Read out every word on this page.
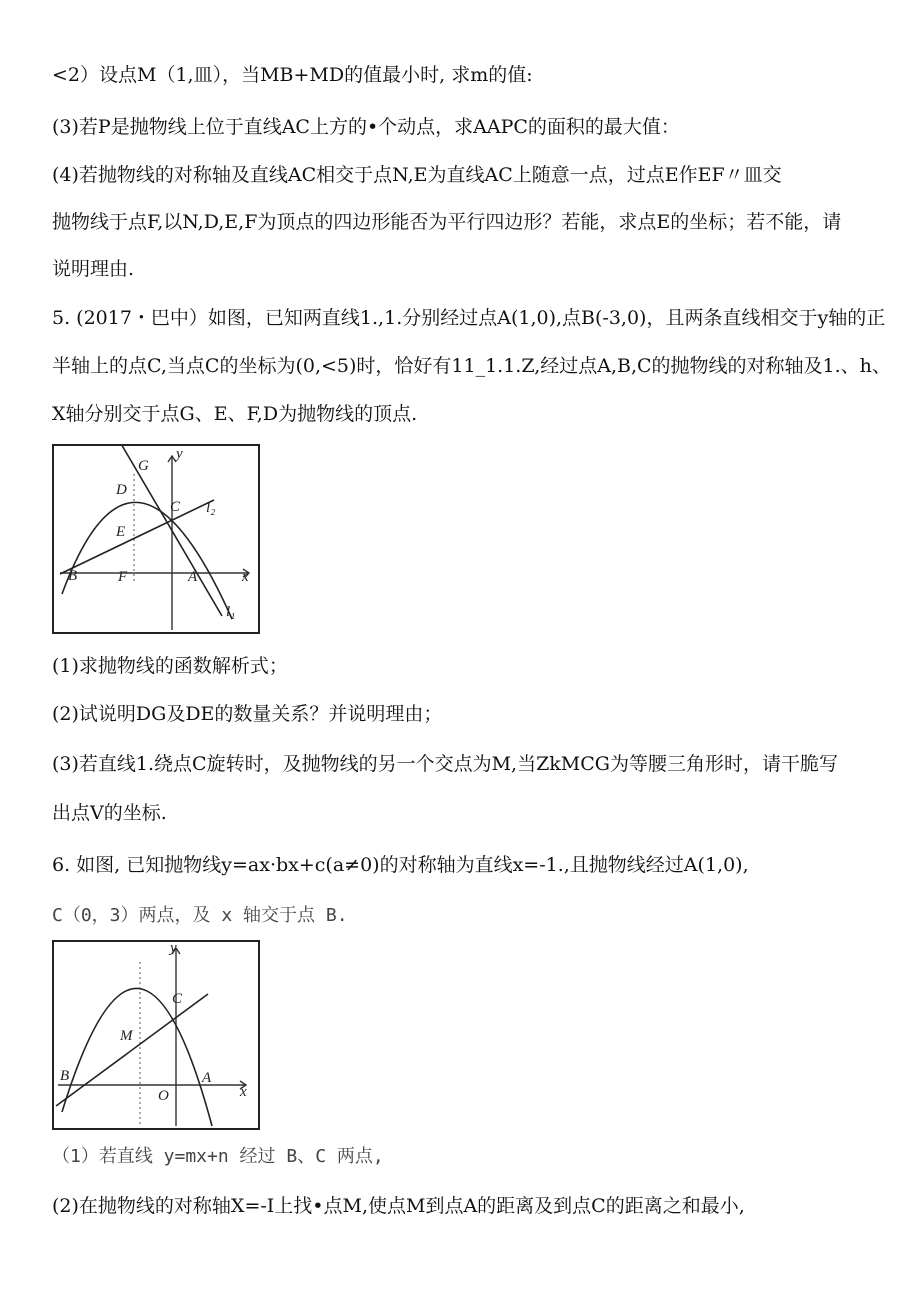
<2）设点M（1,皿），当MB+MD的值最小时, 求m的值:
(3)若P是抛物线上位于直线AC上方的•个动点，求AAPC的面积的最大值：
(4)若抛物线的对称轴及直线AC相交于点N,E为直线AC上随意一点，过点E作EF〃皿交
抛物线于点F,以N,D,E,F为顶点的四边形能否为平行四边形？若能，求点E的坐标；若不能，请
说明理由.
5. (2017・巴中）如图，已知两直线1.,1.分别经过点A(1,0),点B(-3,0)，且两条直线相交于y轴的正
半轴上的点C,当点C的坐标为(0,<5)时，恰好有11_1.1.Z,经过点A,B,C的抛物线的对称轴及1.、h、
X轴分别交于点G、E、F,D为抛物线的顶点.
y
G
D
C l₂
E
B	F	A	x
l₁
(1)求抛物线的函数解析式；
(2)试说明DG及DE的数量关系？并说明理由；
(3)若直线1.绕点C旋转时，及抛物线的另一个交点为M,当ZkMCG为等腰三角形时，请干脆写
出点V的坐标.
6. 如图, 已知抛物线y=ax·bx+c(a≠0)的对称轴为直线x=-1.,且抛物线经过A(1,0),
C（0，3）两点，及 x 轴交于点 B.
y
C
M
B
O
A
x
（1）若直线 y=mx+n 经过 B、C 两点,
(2)在抛物线的对称轴X=-I上找•点M,使点M到点A的距离及到点C的距离之和最小,
